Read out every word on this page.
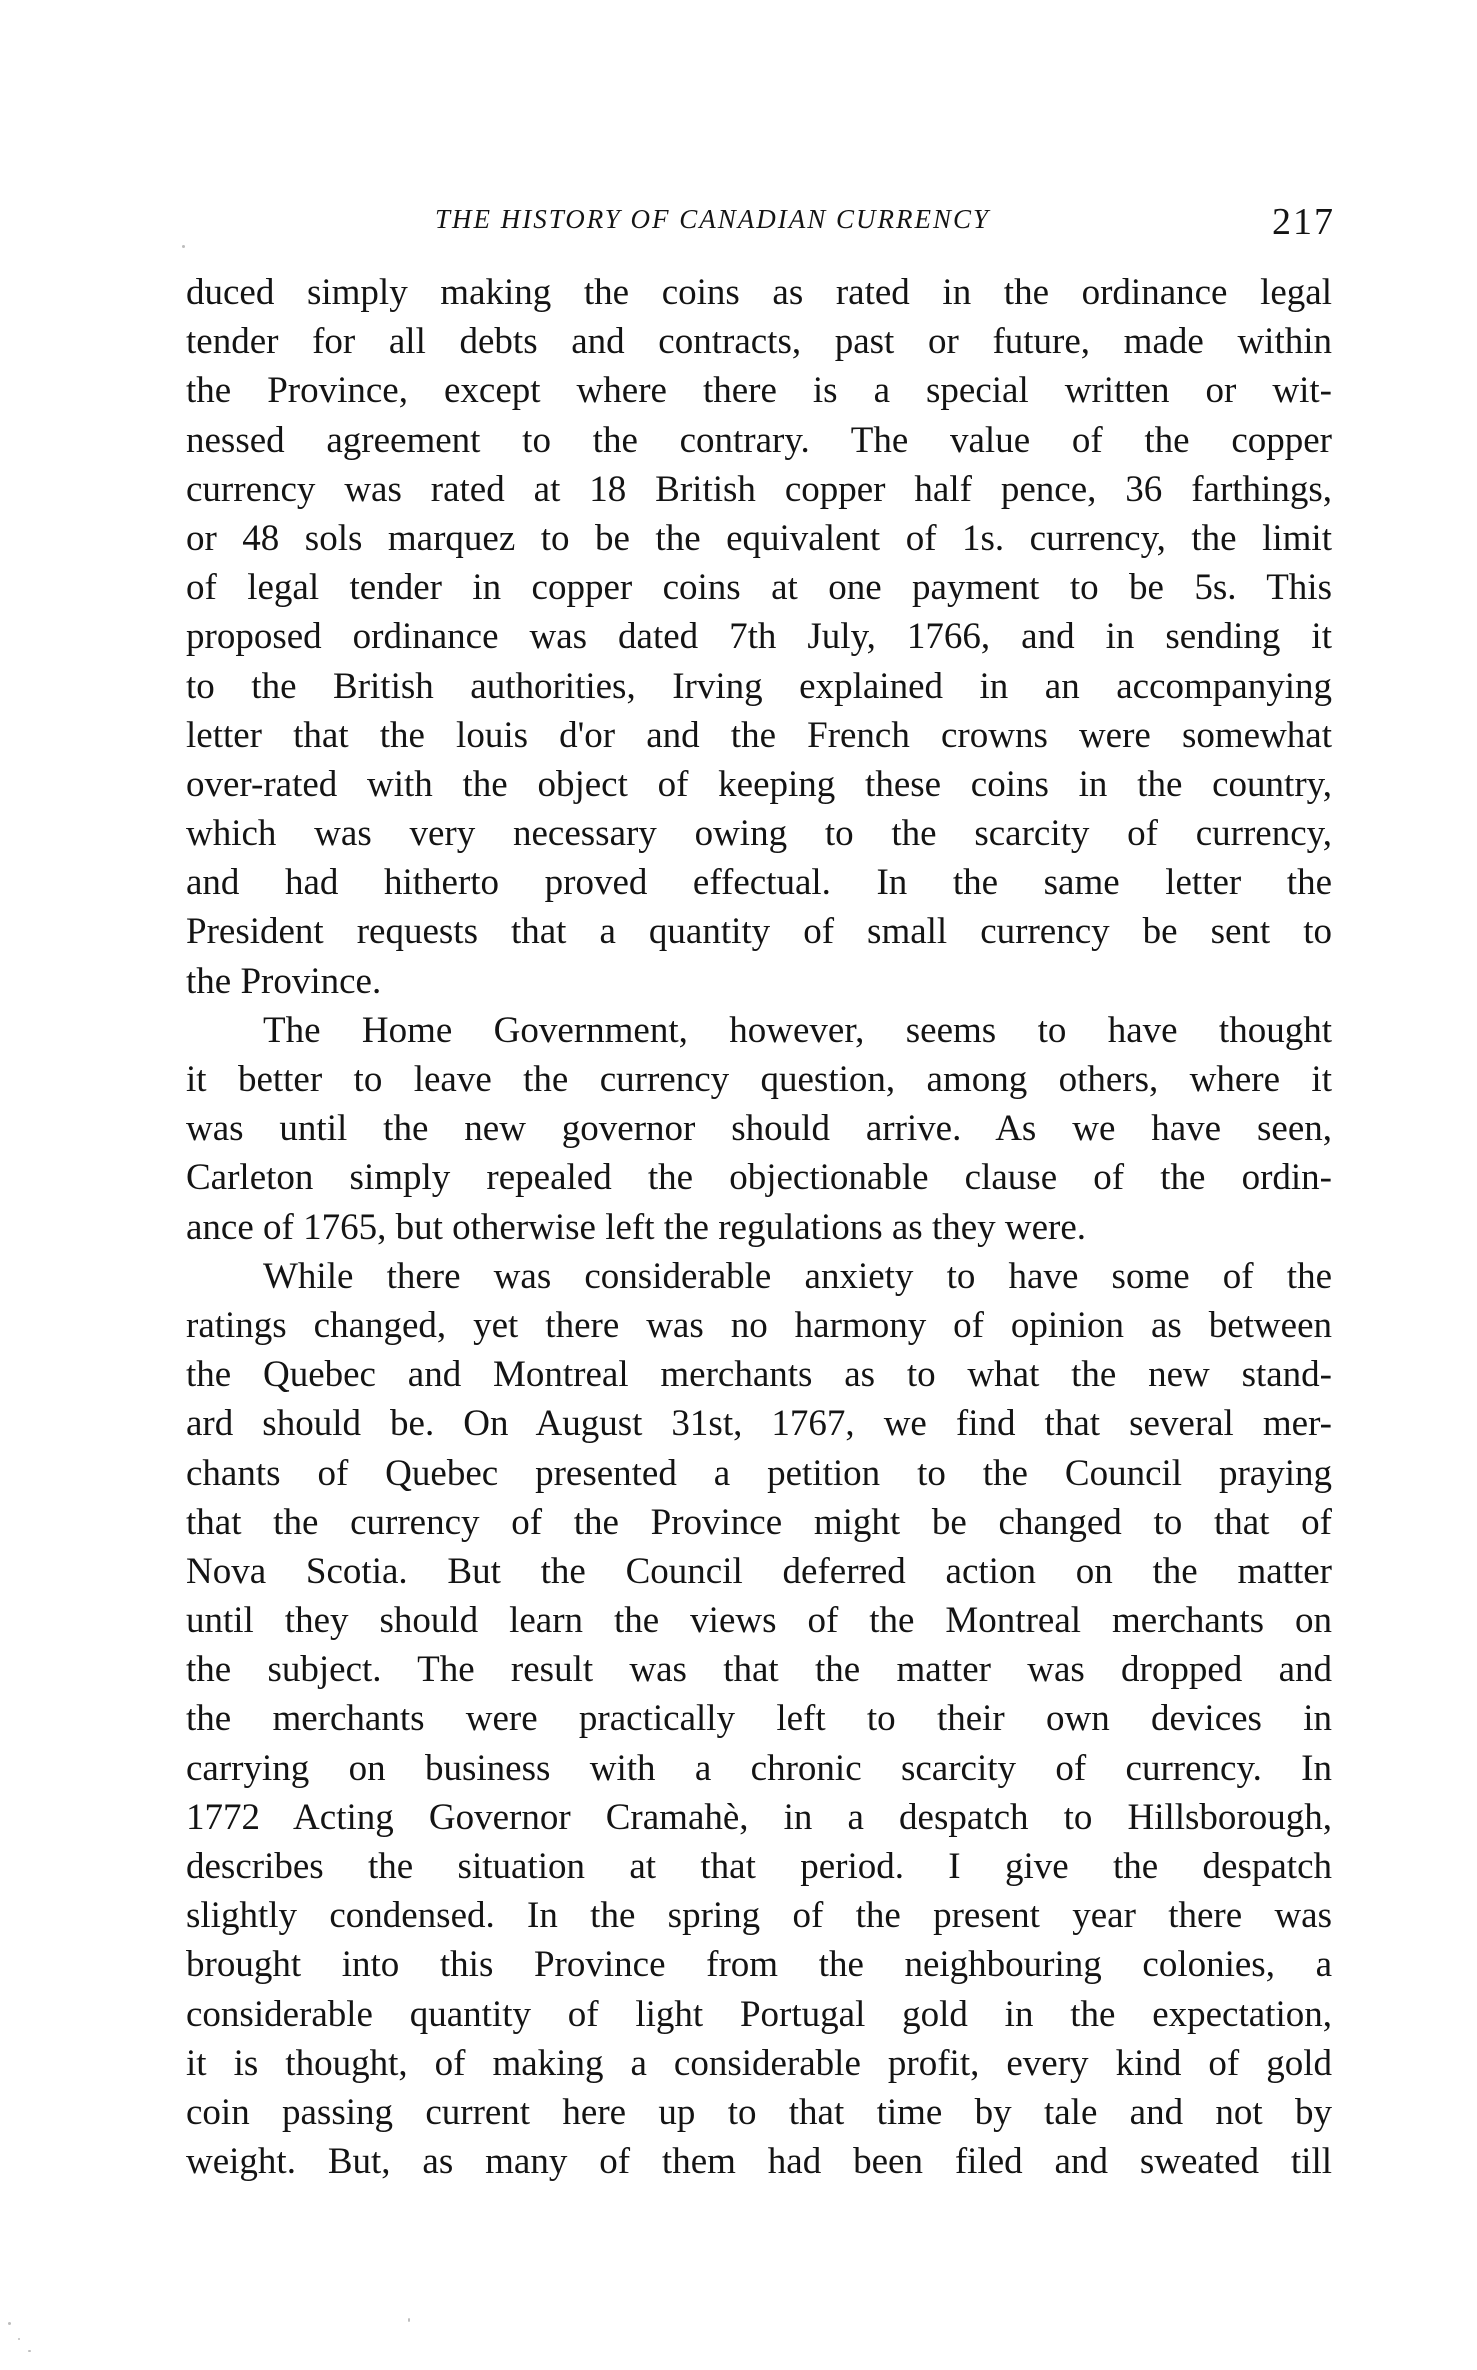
THE HISTORY OF CANADIAN CURRENCY	217
duced simply making the coins as rated in the ordinance legal
tender for all debts and contracts, past or future, made within
the Province, except where there is a special written or wit-
nessed agreement to the contrary. The value of the copper
currency was rated at 18 British copper half pence, 36 farthings,
or 48 sols marquez to be the equivalent of 1s. currency, the limit
of legal tender in copper coins at one payment to be 5s. This
proposed ordinance was dated 7th July, 1766, and in sending it
to the British authorities, Irving explained in an accompanying
letter that the louis d'or and the French crowns were somewhat
over-rated with the object of keeping these coins in the country,
which was very necessary owing to the scarcity of currency,
and had hitherto proved effectual. In the same letter the
President requests that a quantity of small currency be sent to
the Province.
The Home Government, however, seems to have thought
it better to leave the currency question, among others, where it
was until the new governor should arrive. As we have seen,
Carleton simply repealed the objectionable clause of the ordin-
ance of 1765, but otherwise left the regulations as they were.
While there was considerable anxiety to have some of the
ratings changed, yet there was no harmony of opinion as between
the Quebec and Montreal merchants as to what the new stand-
ard should be. On August 31st, 1767, we find that several mer-
chants of Quebec presented a petition to the Council praying
that the currency of the Province might be changed to that of
Nova Scotia. But the Council deferred action on the matter
until they should learn the views of the Montreal merchants on
the subject. The result was that the matter was dropped and
the merchants were practically left to their own devices in
carrying on business with a chronic scarcity of currency. In
1772 Acting Governor Cramahè, in a despatch to Hillsborough,
describes the situation at that period. I give the despatch
slightly condensed. In the spring of the present year there was
brought into this Province from the neighbouring colonies, a
considerable quantity of light Portugal gold in the expectation,
it is thought, of making a considerable profit, every kind of gold
coin passing current here up to that time by tale and not by
weight. But, as many of them had been filed and sweated till
